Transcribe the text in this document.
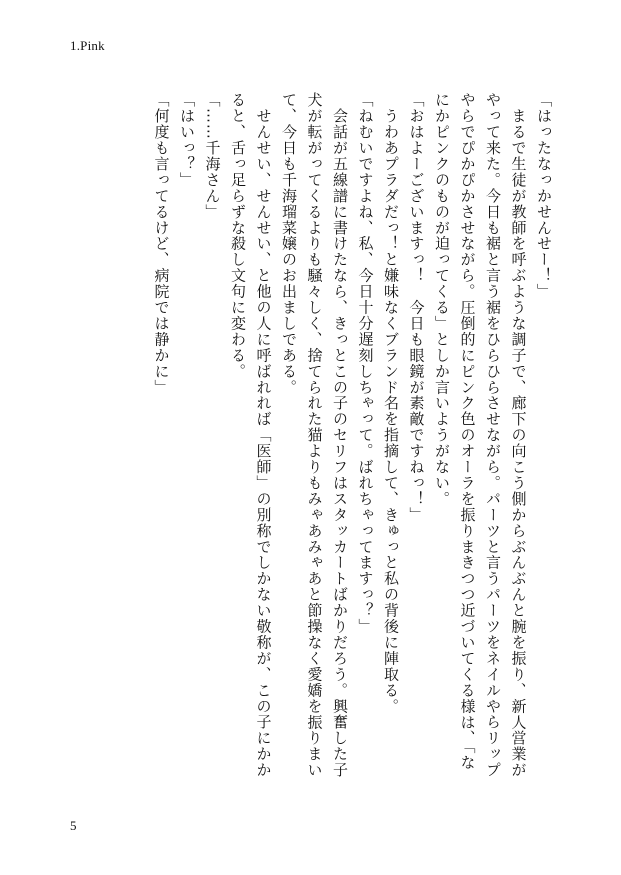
1.Pink

「はったなっかせんせー！」

　まるで生徒が教師を呼ぶような調子で、廊下の向こう側からぶんぶんと腕を振り、新人営業がやって来た。今日も裾と言う裾をひらひらさせながら。パーツと言うパーツをネイルやらリップやらでぴかぴかさせながら。圧倒的にピンク色のオーラを振りまきつつ近づいてくる様は、「なにかピンクのものが迫ってくる」としか言いようがない。

「おはよーございますっ！　今日も眼鏡が素敵ですねっ！」

　うわあプラダだっ！と嫌味なくブランド名を指摘して、きゅっと私の背後に陣取る。

「ねむいですよね、私、今日十分遅刻しちゃって。ばれちゃってますっ？」

　会話が五線譜に書けたなら、きっとこの子のセリフはスタッカートばかりだろう。興奮した子犬が転がってくるよりも騒々しく、捨てられた猫よりもみゃあみゃあと節操なく愛嬌を振りまいて、今日も千海瑠菜嬢のお出ましである。

　せんせい、せんせい、と他の人に呼ばれれば「医師」の別称でしかない敬称が、この子にかかると、舌っ足らずな殺し文句に変わる。

「……千海さん」

「はいっ？」

「何度も言ってるけど、病院では静かに」

5
